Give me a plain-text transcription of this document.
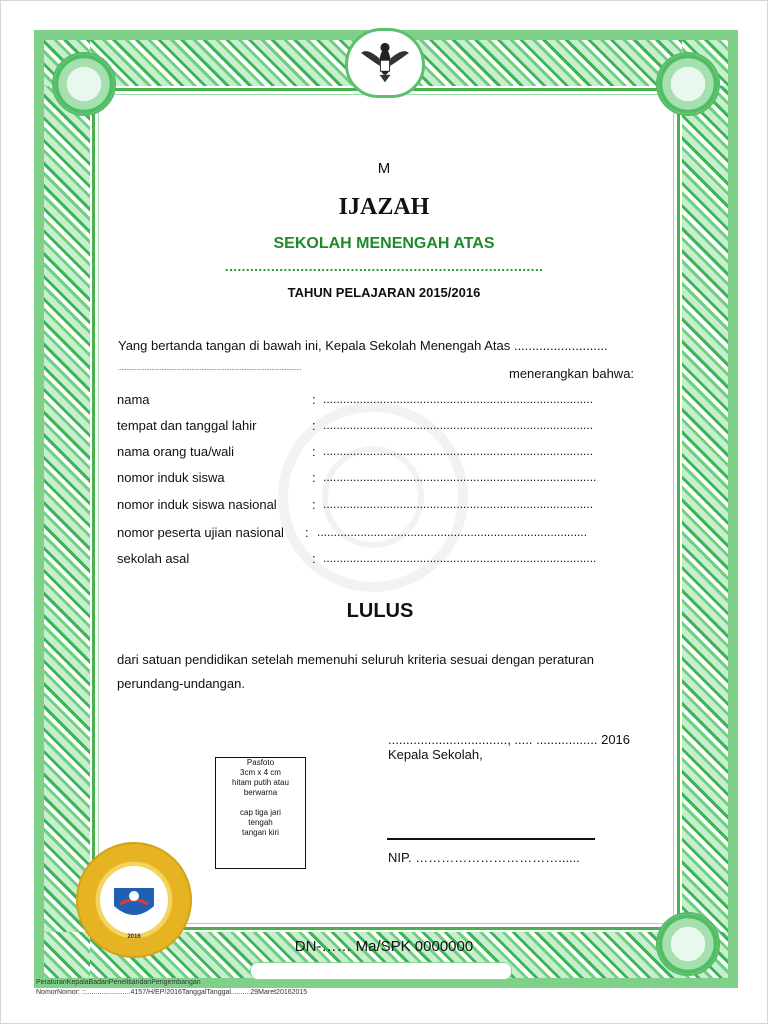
2016
M
IJAZAH
SEKOLAH MENENGAH ATAS
............................................................................
TAHUN PELAJARAN 2015/2016
Yang bertanda tangan di bawah ini, Kepala Sekolah Menengah Atas ..........................
..............................................................................................................	menerangkan bahwa:
nama	: .................................................................................
tempat dan tanggal lahir	: .................................................................................
nama orang tua/wali	: .................................................................................
nomor induk siswa	: ..................................................................................
nomor induk siswa nasional	: .................................................................................
nomor peserta ujian nasional : .................................................................................
sekolah asal	: ..................................................................................
LULUS
dari satuan pendidikan setelah memenuhi seluruh kriteria sesuai dengan peraturan
perundang-undangan.
Pasfoto
3cm x 4 cm
hitam putih atau
berwarna
cap tiga jari
tengah
tangan kiri
................................., ..... ................. 2016
Kepala Sekolah,
NIP. ……………………………......
DN-…… Ma/SPK 0000000
PeraturanKepalaBadanPenelitiandanPengembangan
NomorNomor: ::.......................4157/H/EP/2016TanggalTanggal..........29Maret20162015
